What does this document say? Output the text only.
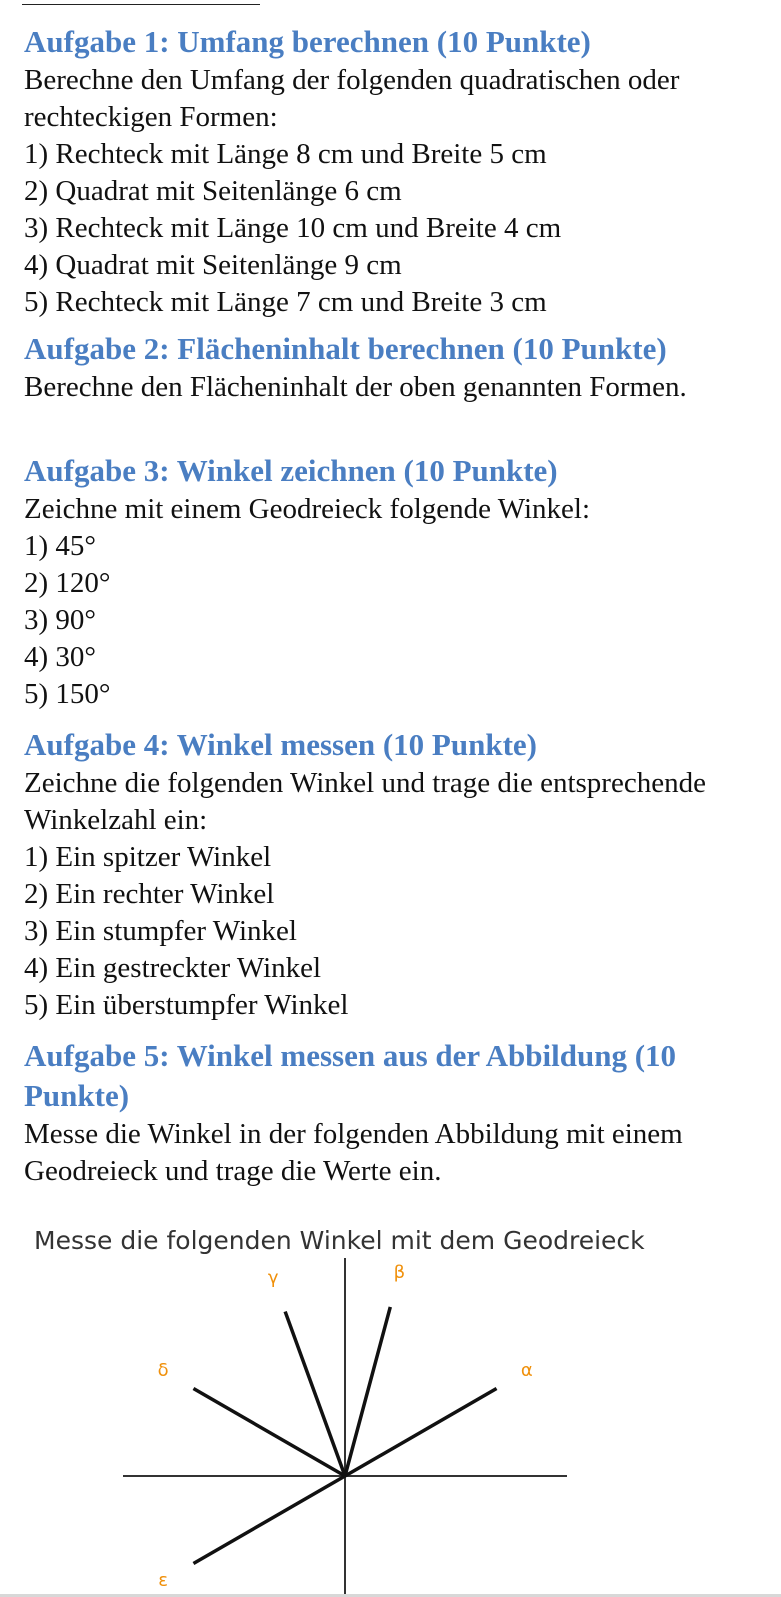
Aufgabe 1: Umfang berechnen (10 Punkte)

Berechne den Umfang der folgenden quadratischen oder

rechteckigen Formen:

1) Rechteck mit Länge 8 cm und Breite 5 cm
2) Quadrat mit Seitenlänge 6 cm
3) Rechteck mit Länge 10 cm und Breite 4 cm
4) Quadrat mit Seitenlänge 9 cm
5) Rechteck mit Länge 7 cm und Breite 3 cm
Aufgabe 2: Flächeninhalt berechnen (10 Punkte)

Berechne den Flächeninhalt der oben genannten Formen.

Aufgabe 3: Winkel zeichnen (10 Punkte)

Zeichne mit einem Geodreieck folgende Winkel:

1) 45°
2) 120°
3) 90°
4) 30°
5) 150°
Aufgabe 4: Winkel messen (10 Punkte)

Zeichne die folgenden Winkel und trage die entsprechende

Winkelzahl ein:

1) Ein spitzer Winkel
2) Ein rechter Winkel
3) Ein stumpfer Winkel
4) Ein gestreckter Winkel
5) Ein überstumpfer Winkel
Aufgabe 5: Winkel messen aus der Abbildung (10
Punkte)

Messe die Winkel in der folgenden Abbildung mit einem

Geodreieck und trage die Werte ein.

Messe die folgenden Winkel mit dem Geodreieck
α
β
γ
δ
ε
